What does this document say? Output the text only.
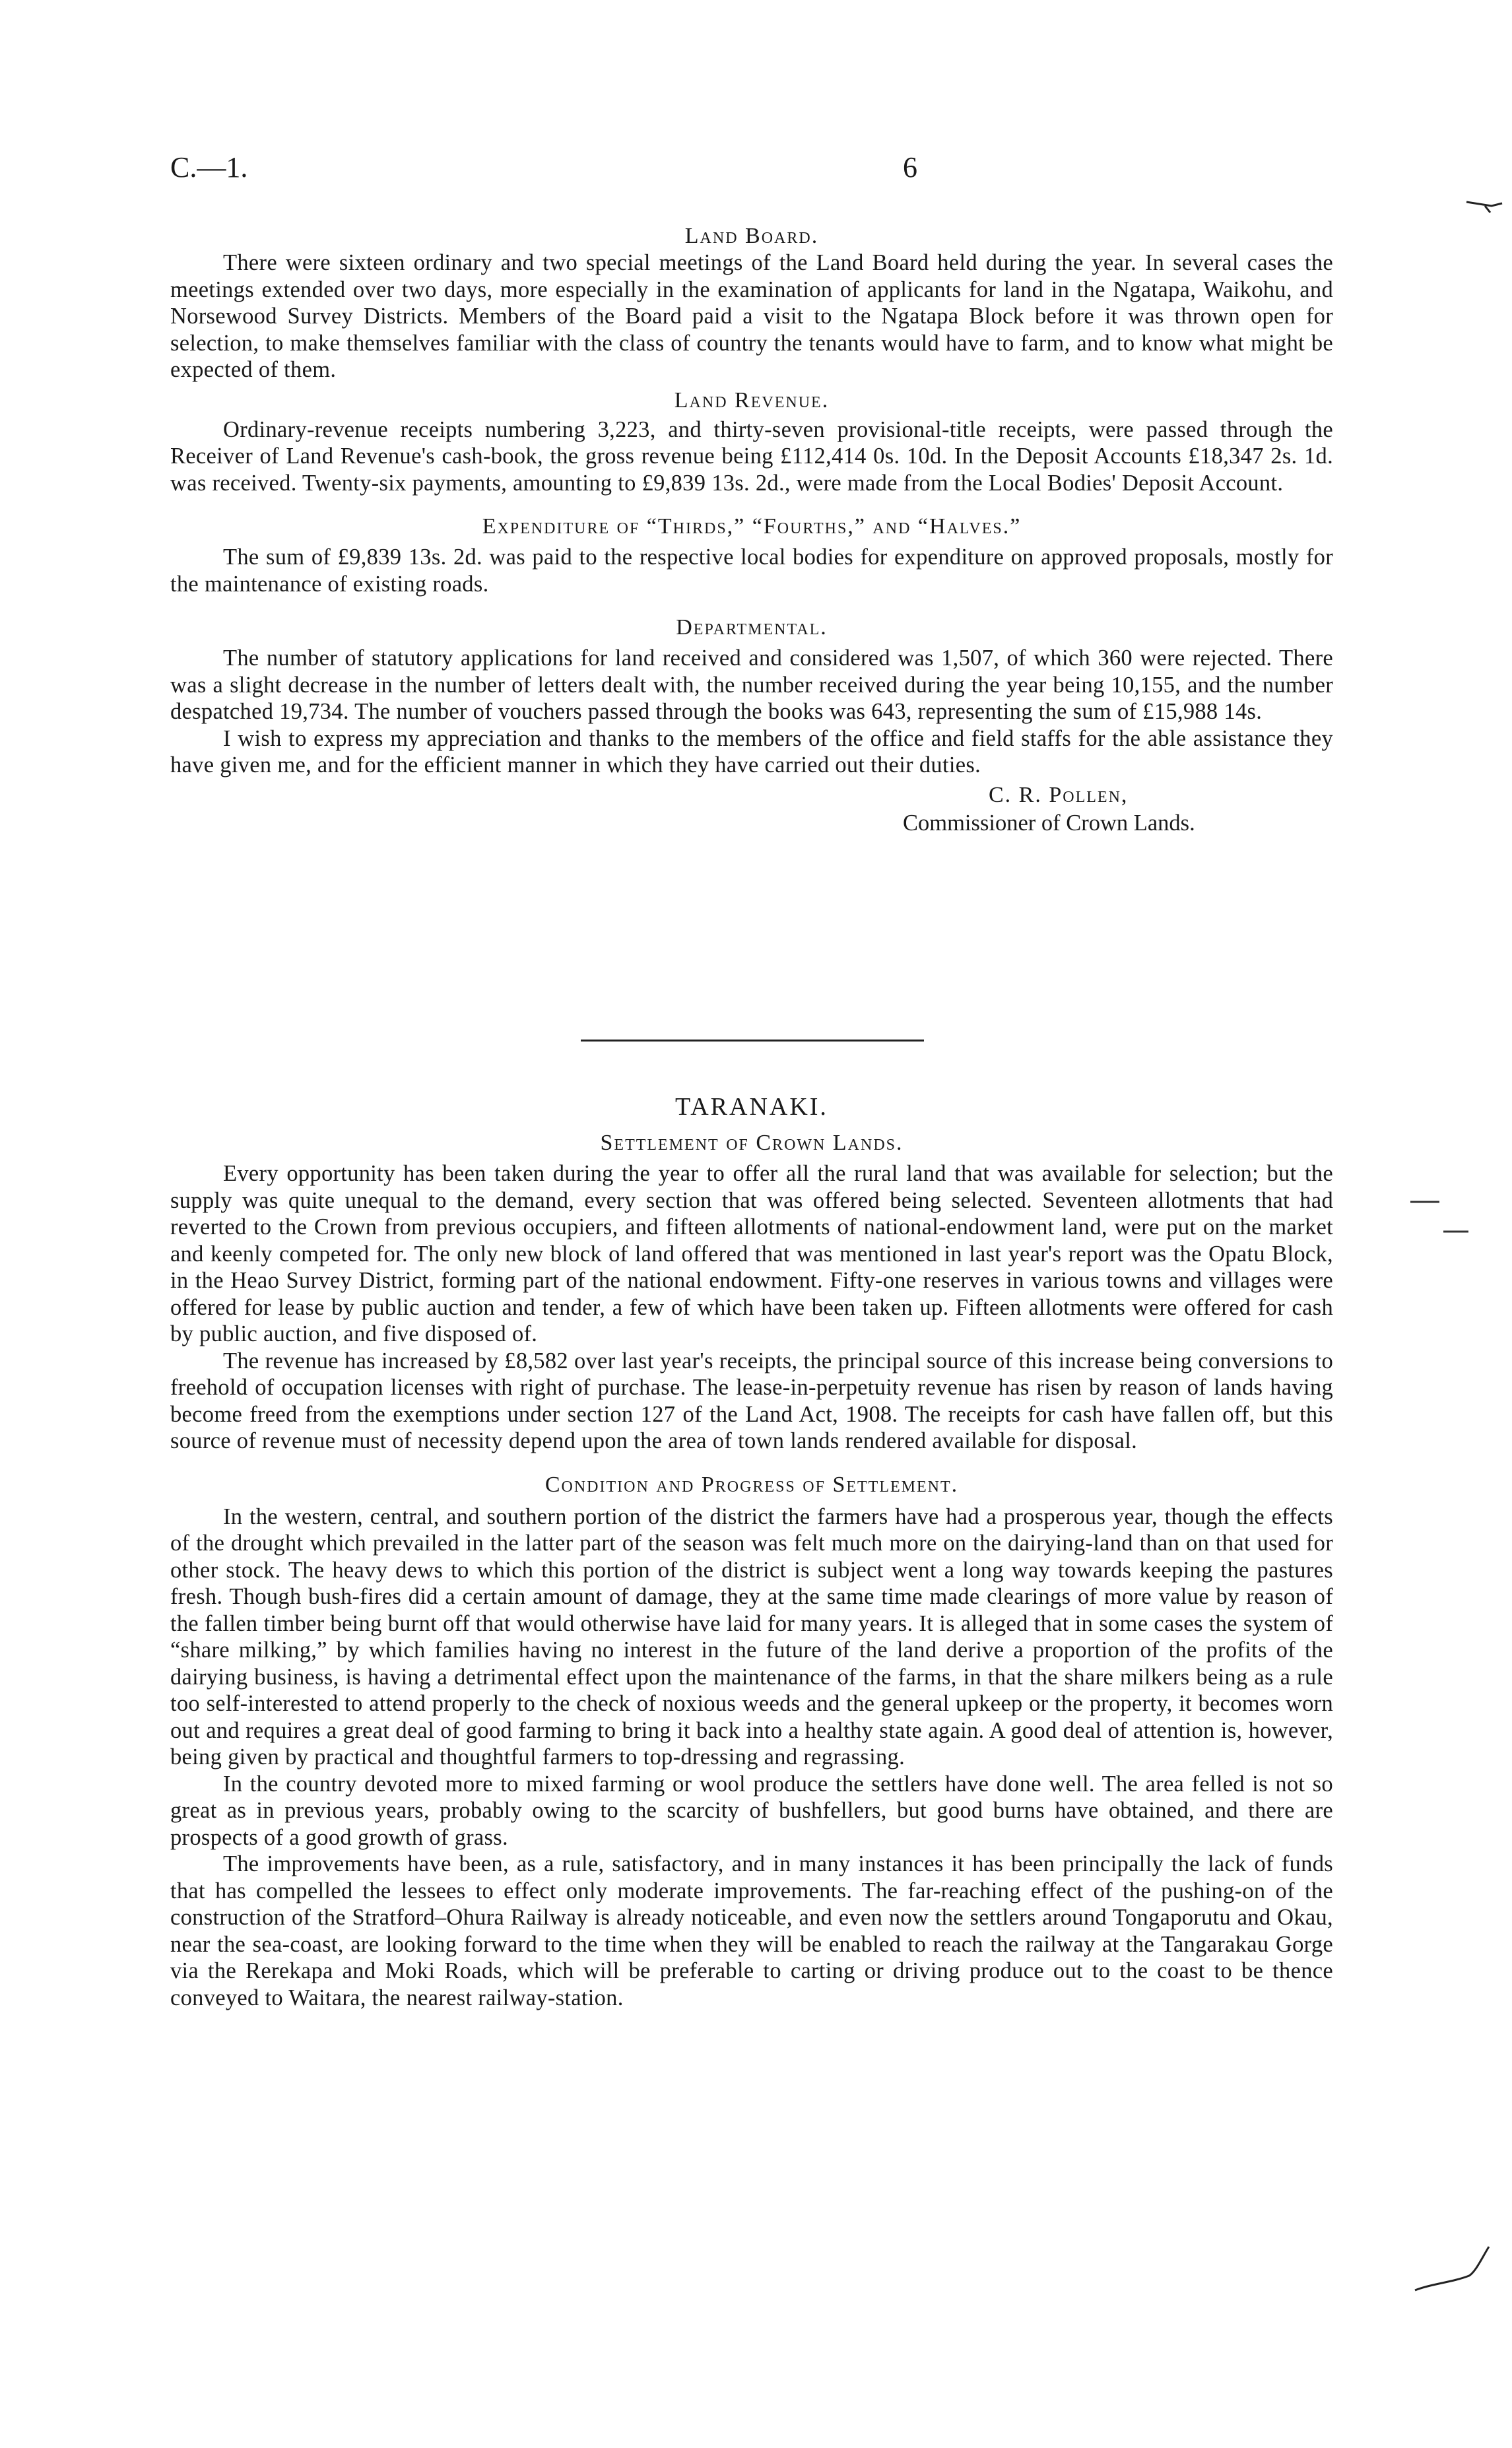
C.—1.	6

Land Board.

There were sixteen ordinary and two special meetings of the Land Board held during the year. In several cases the meetings extended over two days, more especially in the examination of applicants for land in the Ngatapa, Waikohu, and Norsewood Survey Districts. Members of the Board paid a visit to the Ngatapa Block before it was thrown open for selection, to make themselves familiar with the class of country the tenants would have to farm, and to know what might be expected of them.

Land Revenue.

Ordinary-revenue receipts numbering 3,223, and thirty-seven provisional-title receipts, were passed through the Receiver of Land Revenue's cash-book, the gross revenue being £112,414 0s. 10d. In the Deposit Accounts £18,347 2s. 1d. was received. Twenty-six payments, amounting to £9,839 13s. 2d., were made from the Local Bodies' Deposit Account.

Expenditure of “Thirds,” “Fourths,” and “Halves.”

The sum of £9,839 13s. 2d. was paid to the respective local bodies for expenditure on approved proposals, mostly for the maintenance of existing roads.

Departmental.

The number of statutory applications for land received and considered was 1,507, of which 360 were rejected. There was a slight decrease in the number of letters dealt with, the number received during the year being 10,155, and the number despatched 19,734. The number of vouchers passed through the books was 643, representing the sum of £15,988 14s.

I wish to express my appreciation and thanks to the members of the office and field staffs for the able assistance they have given me, and for the efficient manner in which they have carried out their duties.

C. R. Pollen,

Commissioner of Crown Lands.

TARANAKI.

Settlement of Crown Lands.

Every opportunity has been taken during the year to offer all the rural land that was available for selection; but the supply was quite unequal to the demand, every section that was offered being selected. Seventeen allotments that had reverted to the Crown from previous occupiers, and fifteen allotments of national-endowment land, were put on the market and keenly competed for. The only new block of land offered that was mentioned in last year's report was the Opatu Block, in the Heao Survey District, forming part of the national endowment. Fifty-one reserves in various towns and villages were offered for lease by public auction and tender, a few of which have been taken up. Fifteen allotments were offered for cash by public auction, and five disposed of.

The revenue has increased by £8,582 over last year's receipts, the principal source of this increase being conversions to freehold of occupation licenses with right of purchase. The lease-in-perpetuity revenue has risen by reason of lands having become freed from the exemptions under section 127 of the Land Act, 1908. The receipts for cash have fallen off, but this source of revenue must of necessity depend upon the area of town lands rendered available for disposal.

Condition and Progress of Settlement.

In the western, central, and southern portion of the district the farmers have had a prosperous year, though the effects of the drought which prevailed in the latter part of the season was felt much more on the dairying-land than on that used for other stock. The heavy dews to which this portion of the district is subject went a long way towards keeping the pastures fresh. Though bush-fires did a certain amount of damage, they at the same time made clearings of more value by reason of the fallen timber being burnt off that would otherwise have laid for many years. It is alleged that in some cases the system of “share milking,” by which families having no interest in the future of the land derive a proportion of the profits of the dairying business, is having a detrimental effect upon the maintenance of the farms, in that the share milkers being as a rule too self-interested to attend properly to the check of noxious weeds and the general upkeep or the property, it becomes worn out and requires a great deal of good farming to bring it back into a healthy state again. A good deal of attention is, however, being given by practical and thoughtful farmers to top-dressing and regrassing.

In the country devoted more to mixed farming or wool produce the settlers have done well. The area felled is not so great as in previous years, probably owing to the scarcity of bushfellers, but good burns have obtained, and there are prospects of a good growth of grass.

The improvements have been, as a rule, satisfactory, and in many instances it has been principally the lack of funds that has compelled the lessees to effect only moderate improvements. The far-reaching effect of the pushing-on of the construction of the Stratford–Ohura Railway is already noticeable, and even now the settlers around Tongaporutu and Okau, near the sea-coast, are looking forward to the time when they will be enabled to reach the railway at the Tangarakau Gorge via the Rerekapa and Moki Roads, which will be preferable to carting or driving produce out to the coast to be thence conveyed to Waitara, the nearest railway-station.
